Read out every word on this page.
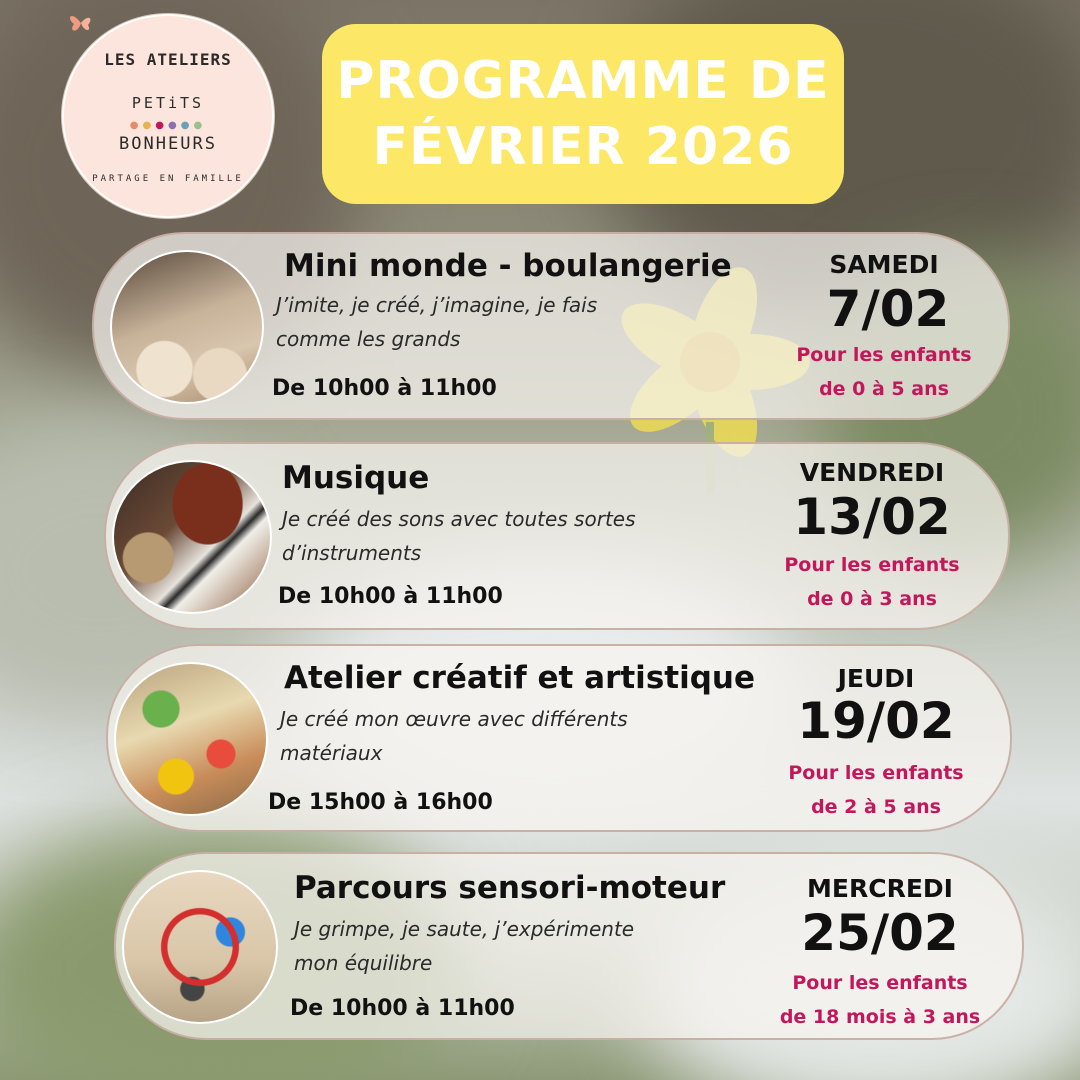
LES ATELIERS
PETiTS
●●●●●●
BONHEURS
PARTAGE EN FAMILLE
PROGRAMME DE
FÉVRIER 2026
Mini monde - boulangerie
J’imite, je créé, j’imagine, je fais
comme les grands
De 10h00 à 11h00
SAMEDI
7/02
Pour les enfants
de 0 à 5 ans
Musique
Je créé des sons avec toutes sortes
d’instruments
De 10h00 à 11h00
VENDREDI
13/02
Pour les enfants
de 0 à 3 ans
Atelier créatif et artistique
Je créé mon œuvre avec différents
matériaux
De 15h00 à 16h00
JEUDI
19/02
Pour les enfants
de 2 à 5 ans
Parcours sensori-moteur
Je grimpe, je saute, j’expérimente
mon équilibre
De 10h00 à 11h00
MERCREDI
25/02
Pour les enfants
de 18 mois à 3 ans
